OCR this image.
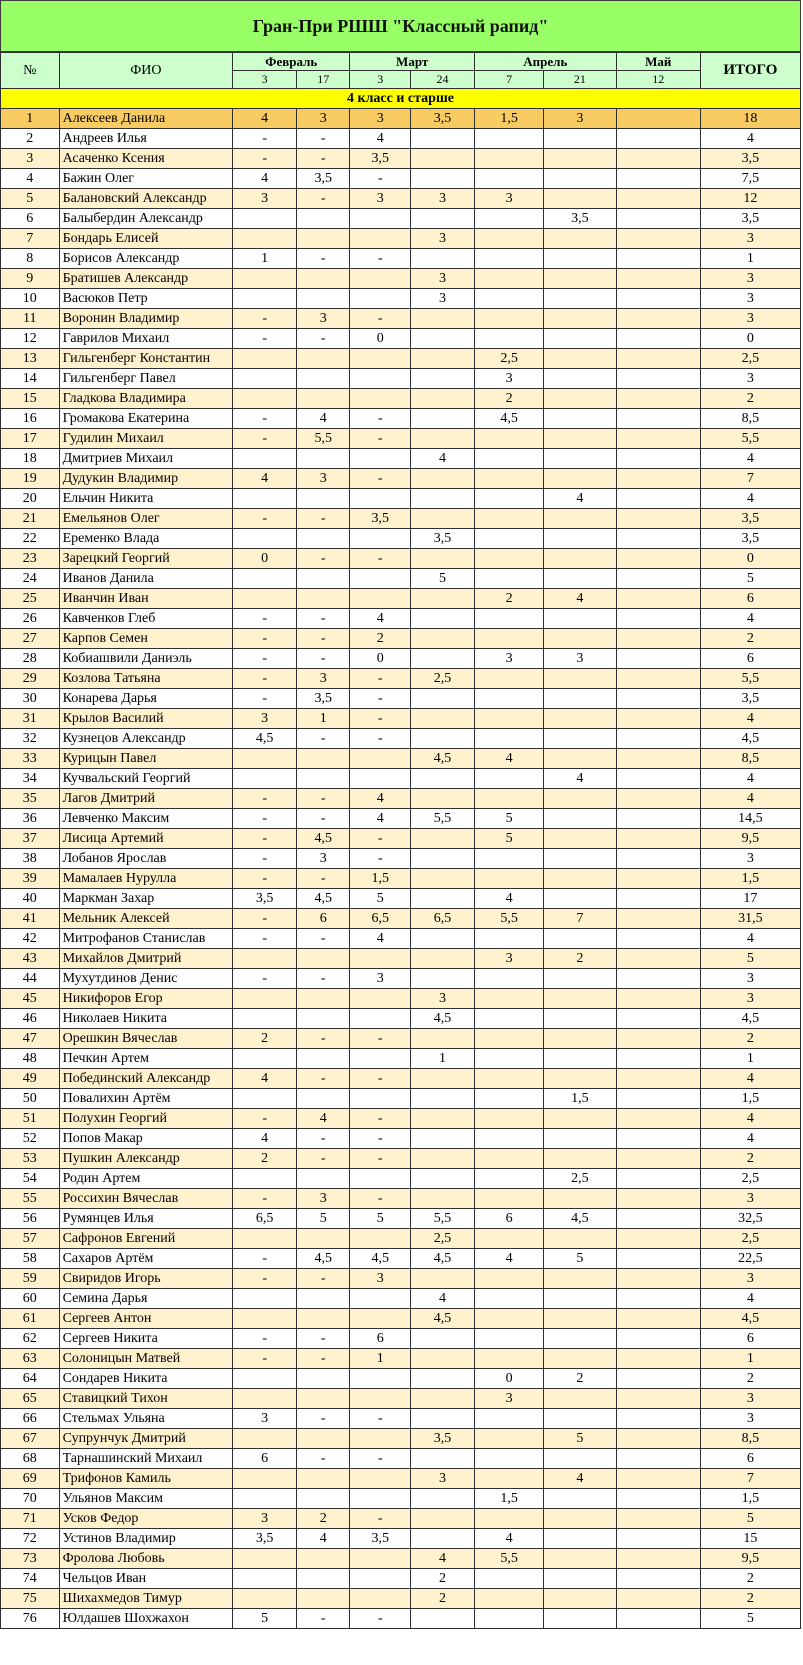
Гран-При РШШ "Классный рапид"
№	ФИО	Февраль		Март		Апрель		Май	ИТОГО
		3	17	3	24	7	21	12	
4 класс и старше									
1	Алексеев Данила	4	3	3	3,5	1,5	3		18
2	Андреев Илья	-	-	4					4
3	Асаченко Ксения	-	-	3,5					3,5
4	Бажин Олег	4	3,5	-					7,5
5	Балановский Александр	3	-	3	3	3			12
6	Балыбердин Александр						3,5		3,5
7	Бондарь Елисей				3				3
8	Борисов Александр	1	-	-					1
9	Братишев Александр				3				3
10	Васюков Петр				3				3
11	Воронин Владимир	-	3	-					3
12	Гаврилов Михаил	-	-	0					0
13	Гильгенберг Константин					2,5			2,5
14	Гильгенберг Павел					3			3
15	Гладкова Владимира					2			2
16	Громакова Екатерина	-	4	-		4,5			8,5
17	Гудилин Михаил	-	5,5	-					5,5
18	Дмитриев Михаил				4				4
19	Дудукин Владимир	4	3	-					7
20	Ельчин Никита						4		4
21	Емельянов Олег	-	-	3,5					3,5
22	Еременко Влада				3,5				3,5
23	Зарецкий Георгий	0	-	-					0
24	Иванов Данила				5				5
25	Иванчин Иван					2	4		6
26	Кавченков Глеб	-	-	4					4
27	Карпов Семен	-	-	2					2
28	Кобиашвили Даниэль	-	-	0		3	3		6
29	Козлова Татьяна	-	3	-	2,5				5,5
30	Конарева Дарья	-	3,5	-					3,5
31	Крылов Василий	3	1	-					4
32	Кузнецов Александр	4,5	-	-					4,5
33	Курицын Павел				4,5	4			8,5
34	Кучвальский Георгий						4		4
35	Лагов Дмитрий	-	-	4					4
36	Левченко Максим	-	-	4	5,5	5			14,5
37	Лисица Артемий	-	4,5	-		5			9,5
38	Лобанов Ярослав	-	3	-					3
39	Мамалаев Нурулла	-	-	1,5					1,5
40	Маркман Захар	3,5	4,5	5		4			17
41	Мельник Алексей	-	6	6,5	6,5	5,5	7		31,5
42	Митрофанов Станислав	-	-	4					4
43	Михайлов Дмитрий					3	2		5
44	Мухутдинов Денис	-	-	3					3
45	Никифоров Егор				3				3
46	Николаев Никита				4,5				4,5
47	Орешкин Вячеслав	2	-	-					2
48	Печкин Артем				1				1
49	Побединский Александр	4	-	-					4
50	Повалихин Артём						1,5		1,5
51	Полухин Георгий	-	4	-					4
52	Попов Макар	4	-	-					4
53	Пушкин Александр	2	-	-					2
54	Родин Артем						2,5		2,5
55	Россихин Вячеслав	-	3	-					3
56	Румянцев Илья	6,5	5	5	5,5	6	4,5		32,5
57	Сафронов Евгений				2,5				2,5
58	Сахаров Артём	-	4,5	4,5	4,5	4	5		22,5
59	Свиридов Игорь	-	-	3					3
60	Семина Дарья				4				4
61	Сергеев Антон				4,5				4,5
62	Сергеев Никита	-	-	6					6
63	Солоницын Матвей	-	-	1					1
64	Сондарев Никита					0	2		2
65	Ставицкий Тихон					3			3
66	Стельмах Ульяна	3	-	-					3
67	Супрунчук Дмитрий				3,5		5		8,5
68	Тарнашинский Михаил	6	-	-					6
69	Трифонов Камиль				3		4		7
70	Ульянов Максим					1,5			1,5
71	Усков Федор	3	2	-					5
72	Устинов Владимир	3,5	4	3,5		4			15
73	Фролова Любовь				4	5,5			9,5
74	Чельцов Иван				2				2
75	Шихахмедов Тимур				2				2
76	Юлдашев Шохжахон	5	-	-					5
